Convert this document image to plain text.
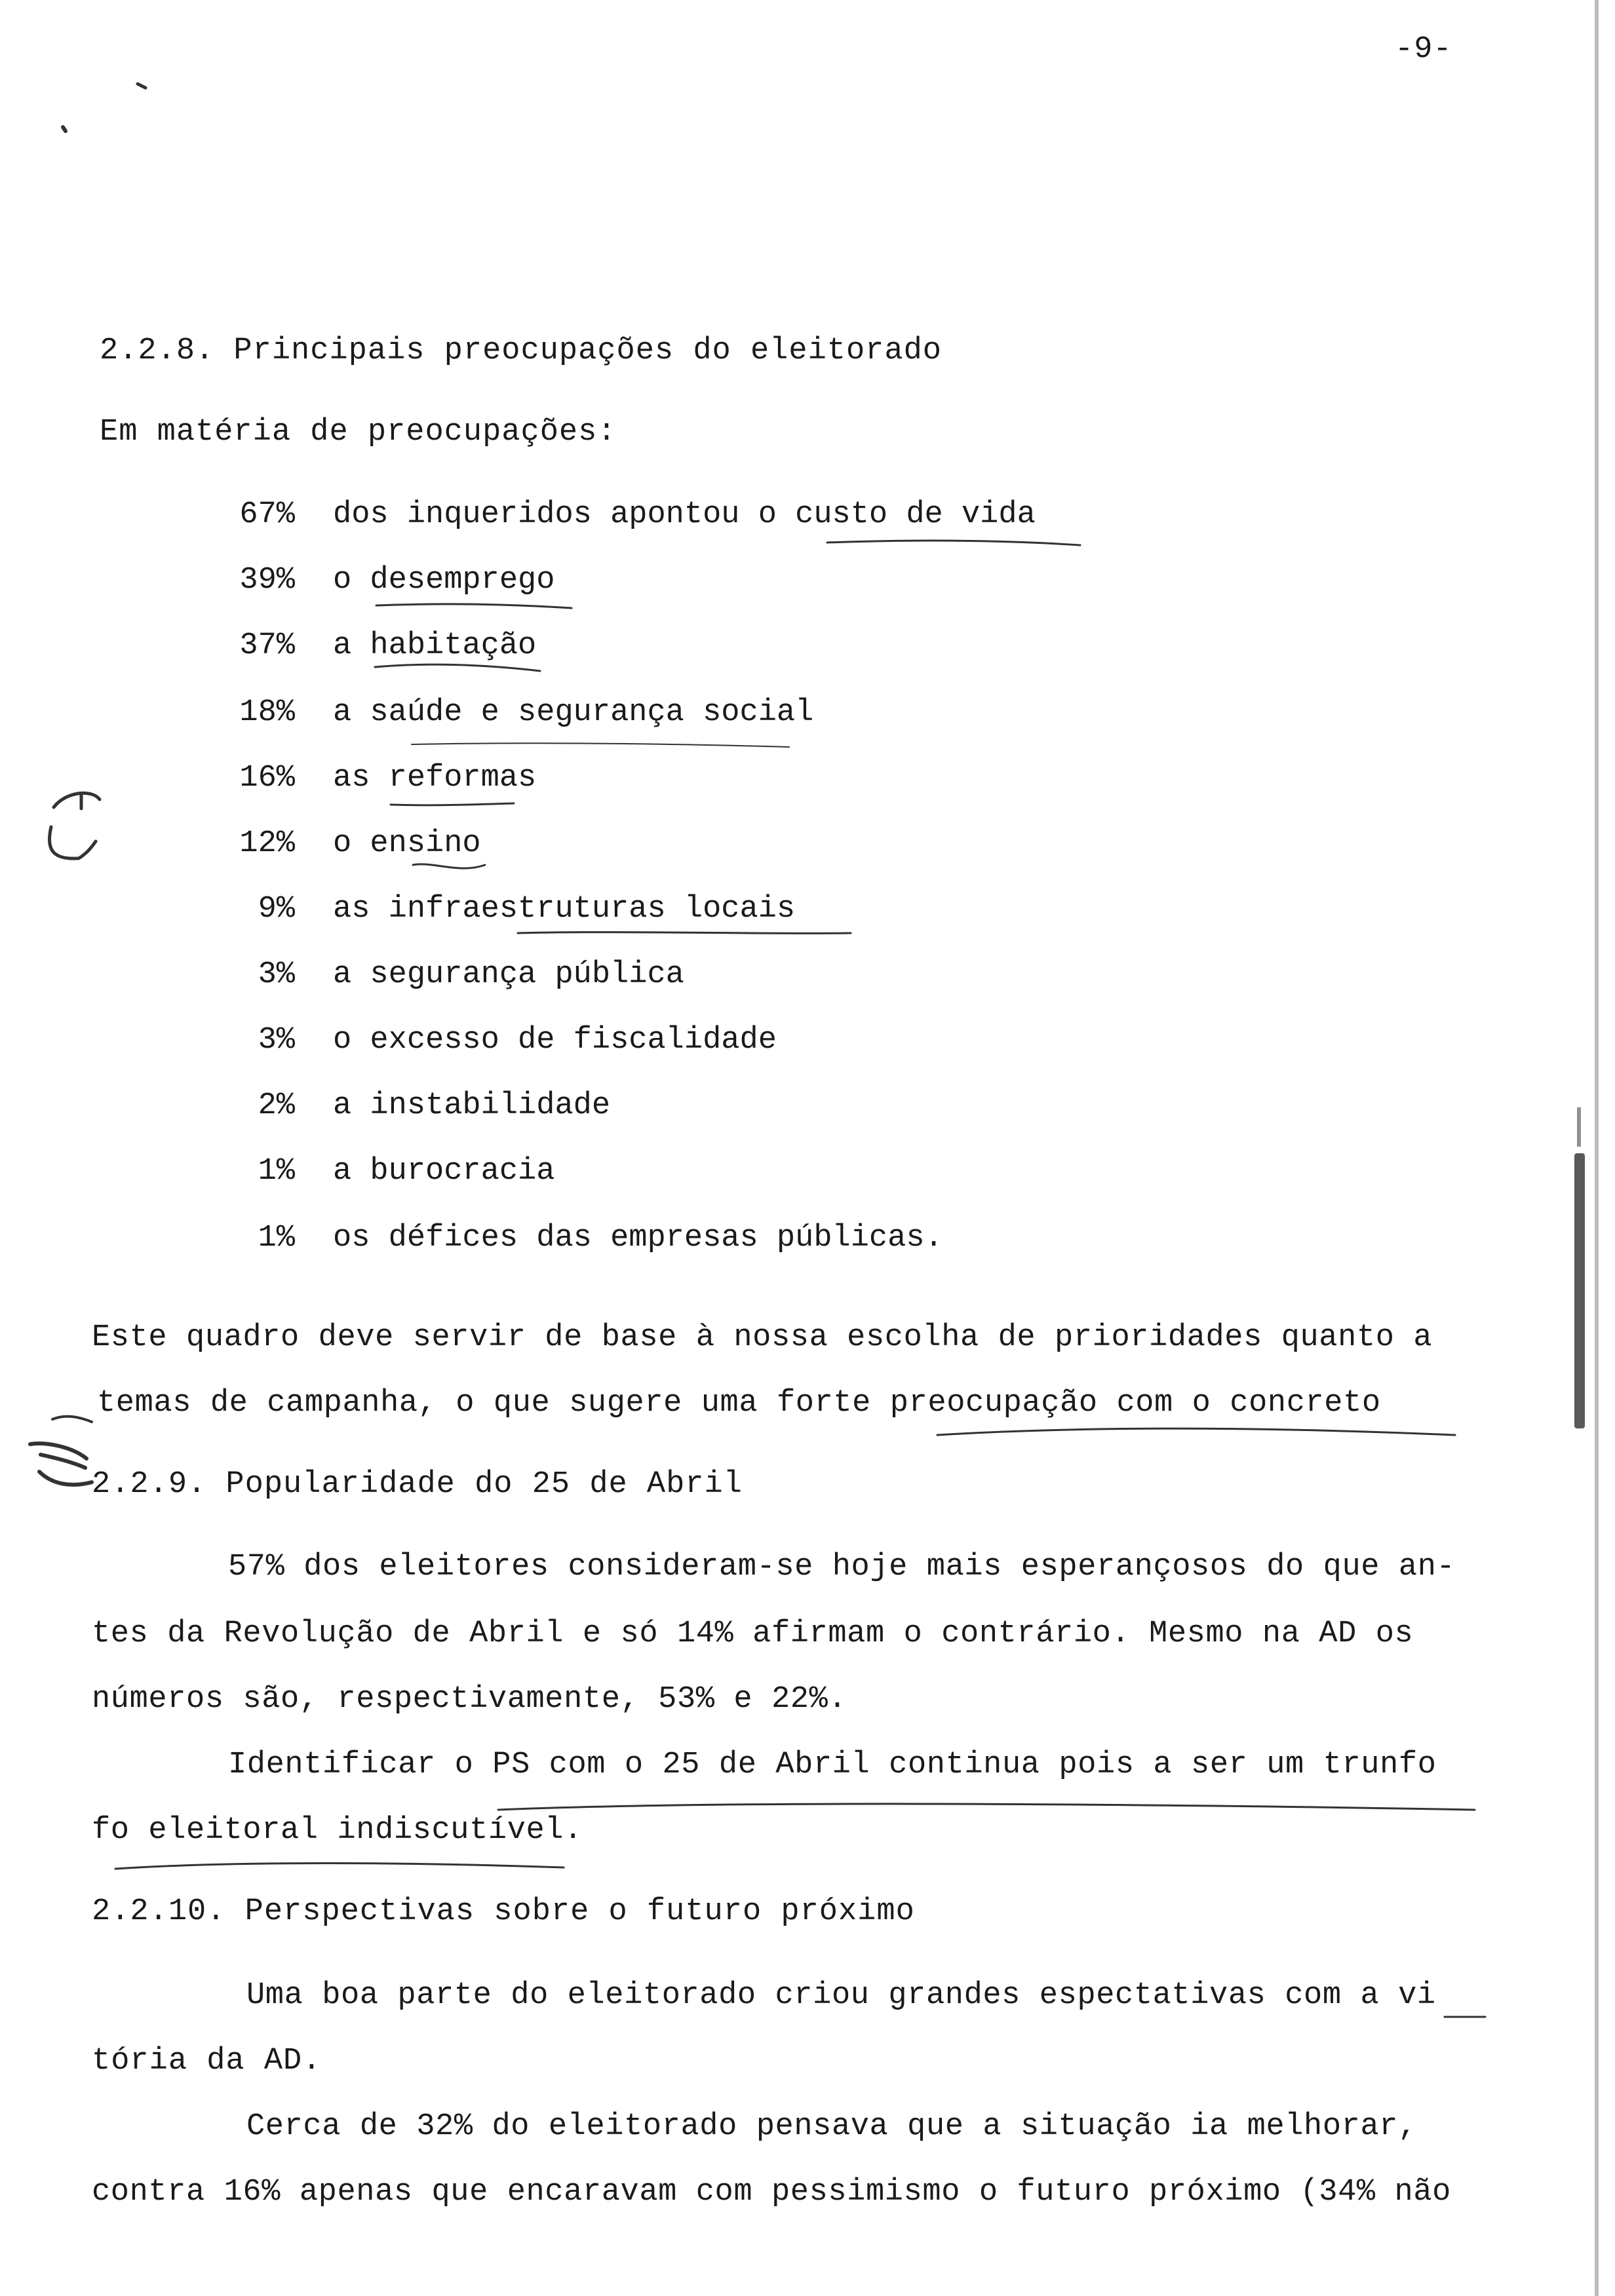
-9-
2.2.8. Principais preocupações do eleitorado
Em matéria de preocupações:
67% dos inqueridos apontou o custo de vida
39% o desemprego
37% a habitação
18% a saúde e segurança social
16% as reformas
12% o ensino
9% as infraestruturas locais
3% a segurança pública
3% o excesso de fiscalidade
2% a instabilidade
1% a burocracia
1% os défices das empresas públicas.
Este quadro deve servir de base à nossa escolha de prioridades quanto a
temas de campanha, o que sugere uma forte preocupação com o concreto
2.2.9. Popularidade do 25 de Abril
57% dos eleitores consideram-se hoje mais esperançosos do que an-
tes da Revolução de Abril e só 14% afirmam o contrário. Mesmo na AD os
números são, respectivamente, 53% e 22%.
Identificar o PS com o 25 de Abril continua pois a ser um trunfo
fo eleitoral indiscutível.
2.2.10. Perspectivas sobre o futuro próximo
Uma boa parte do eleitorado criou grandes espectativas com a vi
tória da AD.
Cerca de 32% do eleitorado pensava que a situação ia melhorar,
contra 16% apenas que encaravam com pessimismo o futuro próximo (34% não
